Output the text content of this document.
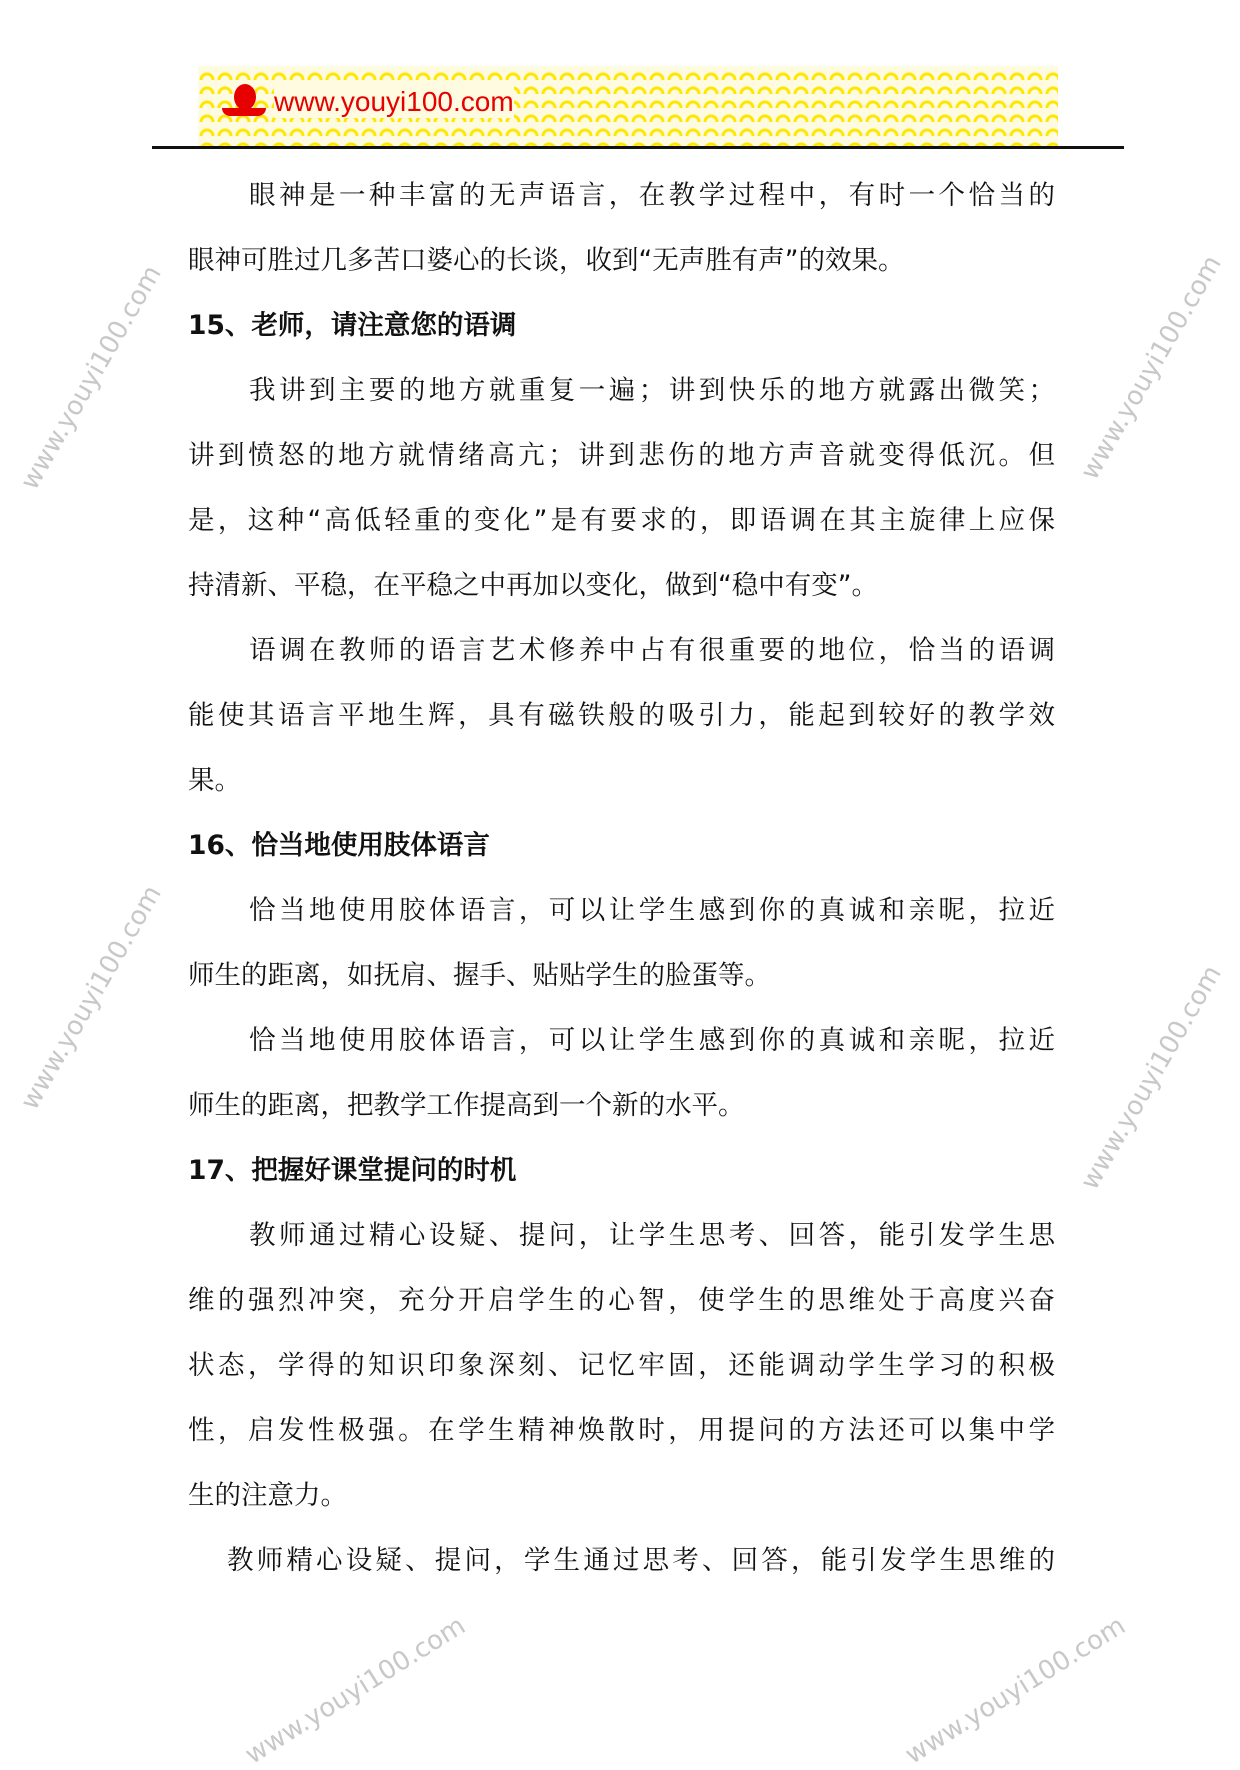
www.youyi100.com
www.youyi100.com
www.youyi100.com
www.youyi100.com
www.youyi100.com
www.youyi100.com	www.youyi100.com
眼神是一种丰富的无声语言，在教学过程中，有时一个恰当的
眼神可胜过几多苦口婆心的长谈，收到“无声胜有声”的效果。
15、老师，请注意您的语调
我讲到主要的地方就重复一遍；讲到快乐的地方就露出微笑；
讲到愤怒的地方就情绪高亢；讲到悲伤的地方声音就变得低沉。但
是，这种“高低轻重的变化”是有要求的，即语调在其主旋律上应保
持清新、平稳，在平稳之中再加以变化，做到“稳中有变”。
语调在教师的语言艺术修养中占有很重要的地位，恰当的语调
能使其语言平地生辉，具有磁铁般的吸引力，能起到较好的教学效
果。
16、恰当地使用肢体语言
恰当地使用胶体语言，可以让学生感到你的真诚和亲昵，拉近
师生的距离，如抚肩、握手、贴贴学生的脸蛋等。
恰当地使用胶体语言，可以让学生感到你的真诚和亲昵，拉近
师生的距离，把教学工作提高到一个新的水平。
17、把握好课堂提问的时机
教师通过精心设疑、提问，让学生思考、回答，能引发学生思
维的强烈冲突，充分开启学生的心智，使学生的思维处于高度兴奋
状态，学得的知识印象深刻、记忆牢固，还能调动学生学习的积极
性，启发性极强。在学生精神焕散时，用提问的方法还可以集中学
生的注意力。
教师精心设疑、提问，学生通过思考、回答，能引发学生思维的
